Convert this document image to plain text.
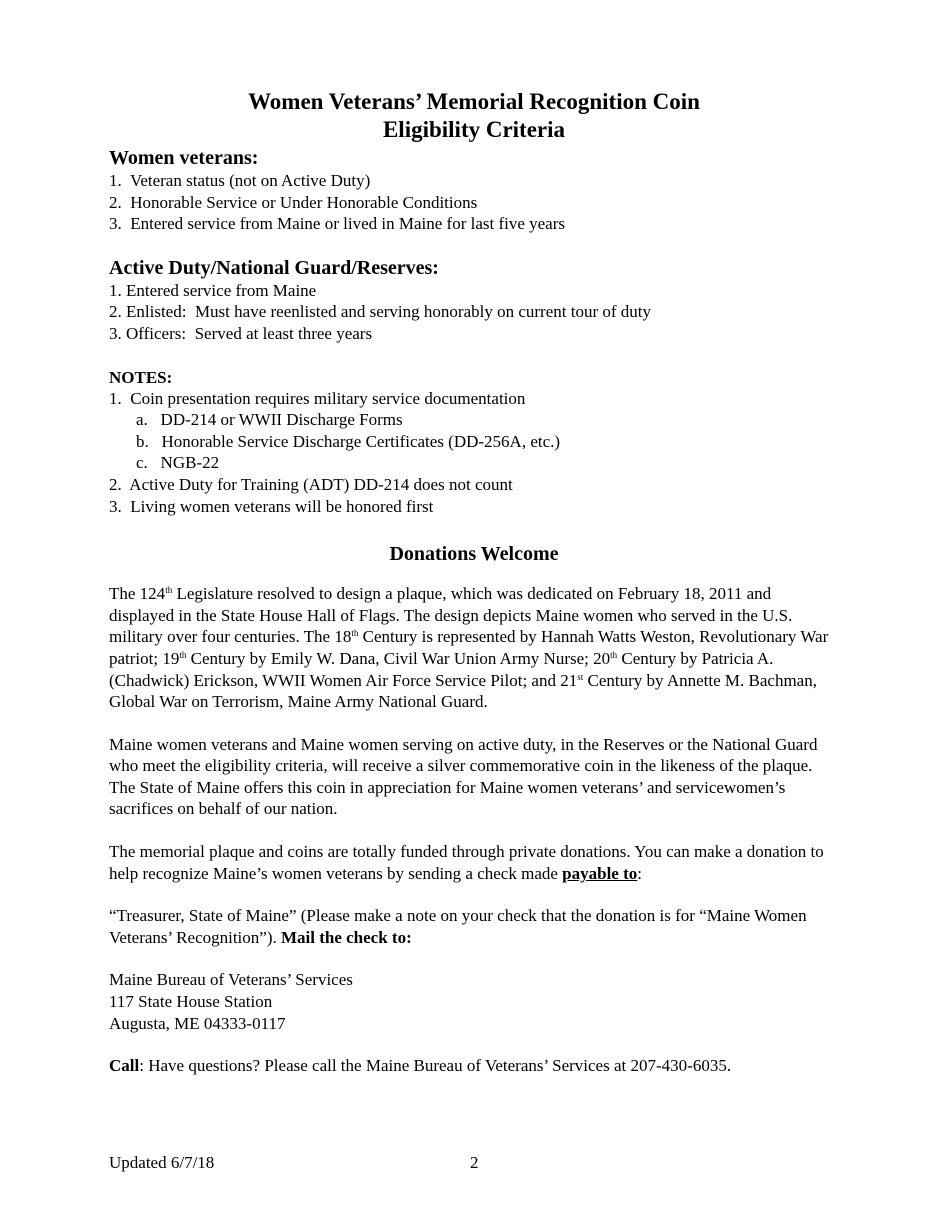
Women Veterans’ Memorial Recognition Coin
Eligibility Criteria
Women veterans:
1.  Veteran status (not on Active Duty)
2.  Honorable Service or Under Honorable Conditions
3.  Entered service from Maine or lived in Maine for last five years
Active Duty/National Guard/Reserves:
1. Entered service from Maine
2. Enlisted:  Must have reenlisted and serving honorably on current tour of duty
3. Officers:  Served at least three years
NOTES:
1.  Coin presentation requires military service documentation
a.   DD-214 or WWII Discharge Forms
b.   Honorable Service Discharge Certificates (DD-256A, etc.)
c.   NGB-22
2.  Active Duty for Training (ADT) DD-214 does not count
3.  Living women veterans will be honored first
Donations Welcome

The 124th Legislature resolved to design a plaque, which was dedicated on February 18, 2011 and displayed in the State House Hall of Flags. The design depicts Maine women who served in the U.S. military over four centuries. The 18th Century is represented by Hannah Watts Weston, Revolutionary War patriot; 19th Century by Emily W. Dana, Civil War Union Army Nurse; 20th Century by Patricia A. (Chadwick) Erickson, WWII Women Air Force Service Pilot; and 21st Century by Annette M. Bachman, Global War on Terrorism, Maine Army National Guard.

Maine women veterans and Maine women serving on active duty, in the Reserves or the National Guard who meet the eligibility criteria, will receive a silver commemorative coin in the likeness of the plaque. The State of Maine offers this coin in appreciation for Maine women veterans’ and servicewomen’s sacrifices on behalf of our nation.

The memorial plaque and coins are totally funded through private donations. You can make a donation to help recognize Maine’s women veterans by sending a check made payable to:

“Treasurer, State of Maine” (Please make a note on your check that the donation is for “Maine Women Veterans’ Recognition”). Mail the check to:

Maine Bureau of Veterans’ Services

117 State House Station

Augusta, ME 04333-0117

Call: Have questions? Please call the Maine Bureau of Veterans’ Services at 207-430-6035.

Updated 6/7/18	2
